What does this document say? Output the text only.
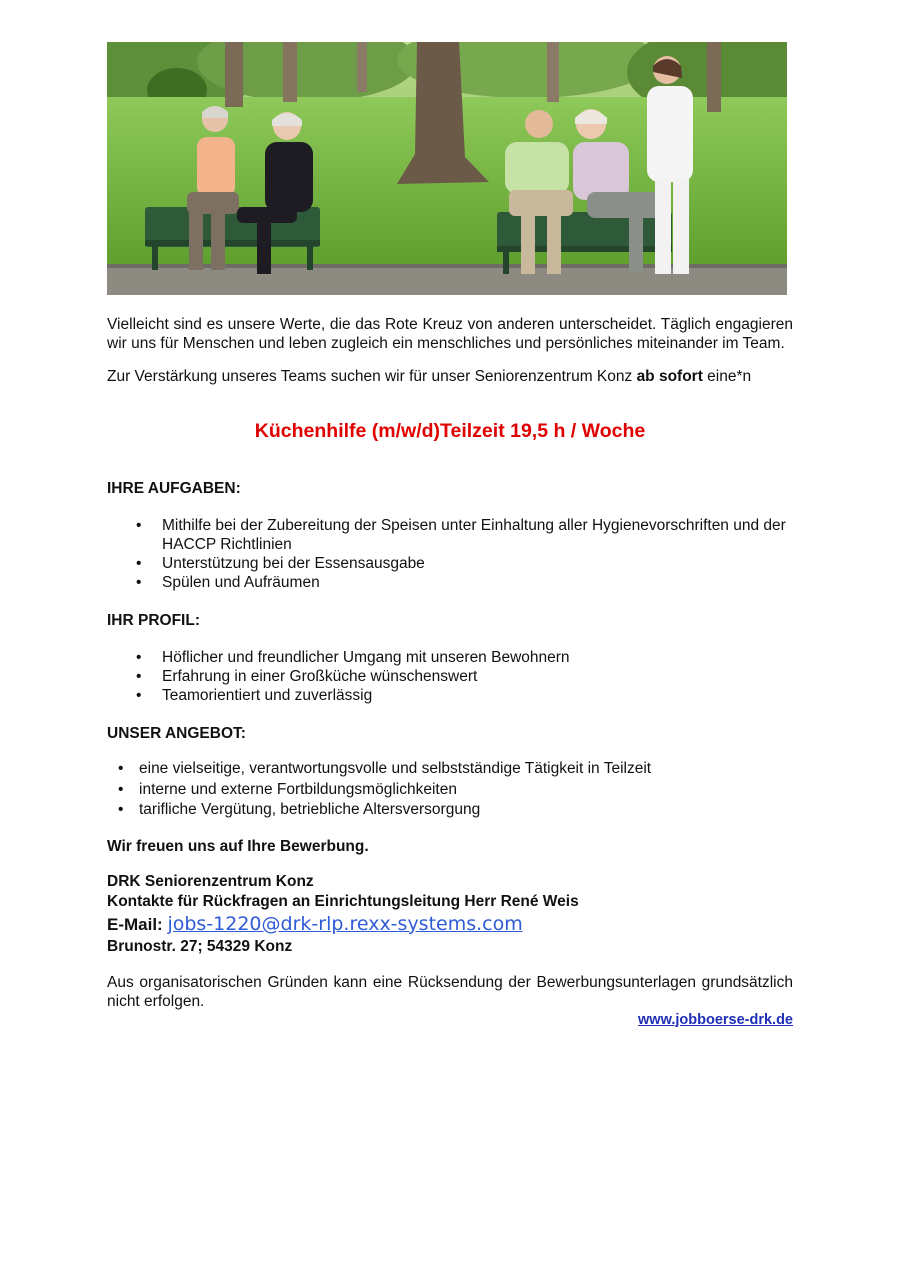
Vielleicht sind es unsere Werte, die das Rote Kreuz von anderen unterscheidet. Täglich engagieren wir uns für Menschen und leben zugleich ein menschliches und persönliches miteinander im Team.

Zur Verstärkung unseres Teams suchen wir für unser Seniorenzentrum Konz ab sofort eine*n

Küchenhilfe (m/w/d)Teilzeit 19,5 h / Woche

IHRE AUFGABEN:

• Mithilfe bei der Zubereitung der Speisen unter Einhaltung aller Hygienevorschriften und der HACCP Richtlinien
• Unterstützung bei der Essensausgabe
• Spülen und Aufräumen

IHR PROFIL:

• Höflicher und freundlicher Umgang mit unseren Bewohnern
• Erfahrung in einer Großküche wünschenswert
• Teamorientiert und zuverlässig

UNSER ANGEBOT:

• eine vielseitige, verantwortungsvolle und selbstständige Tätigkeit in Teilzeit
• interne und externe Fortbildungsmöglichkeiten
• tarifliche Vergütung, betriebliche Altersversorgung

Wir freuen uns auf Ihre Bewerbung.

DRK Seniorenzentrum Konz

Kontakte für Rückfragen an Einrichtungsleitung Herr René Weis

E-Mail: jobs-1220@drk-rlp.rexx-systems.com

Brunostr. 27; 54329 Konz

Aus organisatorischen Gründen kann eine Rücksendung der Bewerbungsunterlagen grundsätzlich nicht erfolgen.

www.jobboerse-drk.de
